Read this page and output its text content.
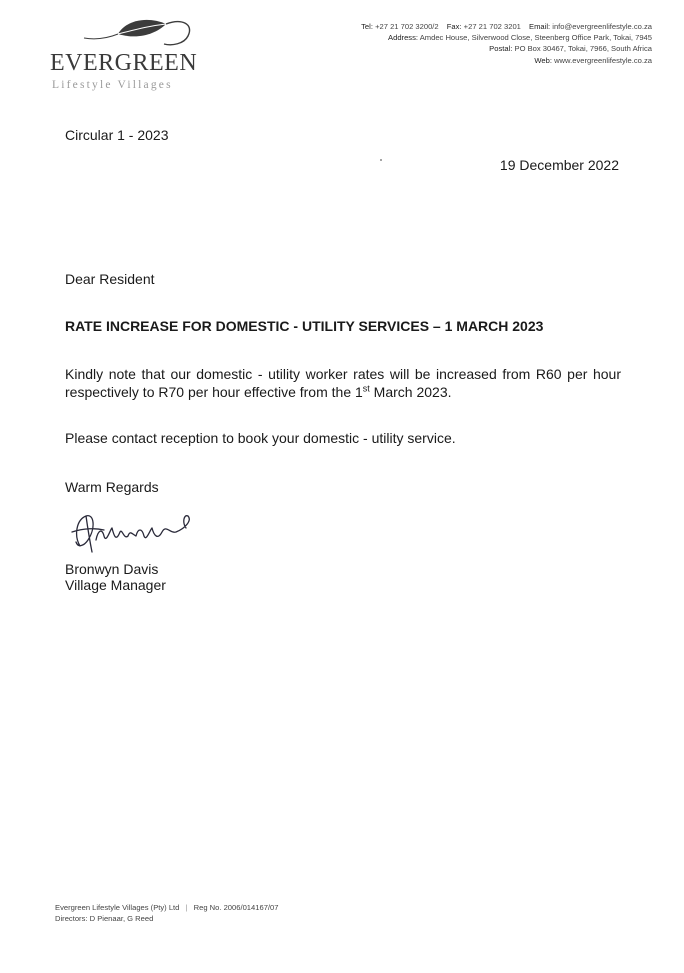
EVERGREEN
Lifestyle Villages
Tel: +27 21 702 3200/2 Fax: +27 21 702 3201 Email: info@evergreenlifestyle.co.za
Address: Amdec House, Silverwood Close, Steenberg Office Park, Tokai, 7945
Postal: PO Box 30467, Tokai, 7966, South Africa
Web: www.evergreenlifestyle.co.za
Circular 1 - 2023
19 December 2022
Dear Resident
RATE INCREASE FOR DOMESTIC - UTILITY SERVICES – 1 MARCH 2023
Kindly note that our domestic - utility worker rates will be increased from R60 per hour respectively to R70 per hour effective from the 1st March 2023.
Please contact reception to book your domestic - utility service.
Warm Regards
Bronwyn Davis
Village Manager
Evergreen Lifestyle Villages (Pty) Ltd | Reg No. 2006/014167/07
Directors: D Pienaar, G Reed
